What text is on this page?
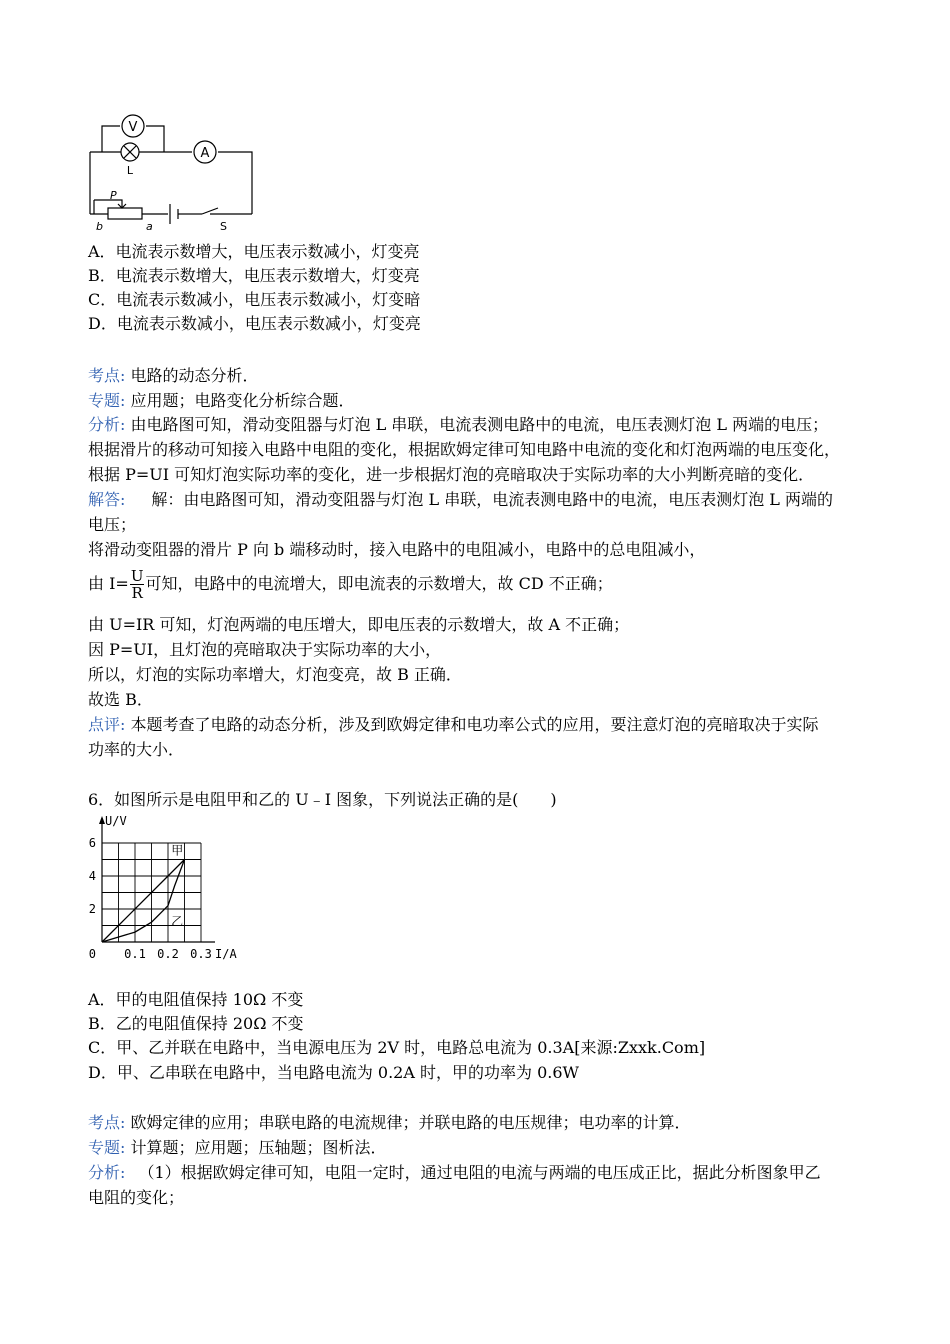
V
L
A
P
b	a	S
A．电流表示数增大，电压表示数减小，灯变亮
B．电流表示数增大，电压表示数增大，灯变亮
C．电流表示数减小，电压表示数减小，灯变暗
D．电流表示数减小，电压表示数减小，灯变亮
考点: 电路的动态分析．
专题: 应用题；电路变化分析综合题．
分析: 由电路图可知，滑动变阻器与灯泡 L 串联，电流表测电路中的电流，电压表测灯泡 L 两端的电压；
根据滑片的移动可知接入电路中电阻的变化，根据欧姆定律可知电路中电流的变化和灯泡两端的电压变化，
根据 P=UI 可知灯泡实际功率的变化，进一步根据灯泡的亮暗取决于实际功率的大小判断亮暗的变化．
解答: 解：由电路图可知，滑动变阻器与灯泡 L 串联，电流表测电路中的电流，电压表测灯泡 L 两端的
电压；
将滑动变阻器的滑片 P 向 b 端移动时，接入电路中的电阻减小，电路中的总电阻减小，
由 $I= \frac{U}{R}$ 可知，电路中的电流增大，即电流表的示数增大，故 CD 不正确；
由 U=IR 可知，灯泡两端的电压增大，即电压表的示数增大，故 A 不正确；
因 P=UI，且灯泡的亮暗取决于实际功率的大小，
所以，灯泡的实际功率增大，灯泡变亮，故 B 正确．
故选 B．
点评: 本题考查了电路的动态分析，涉及到欧姆定律和电功率公式的应用，要注意灯泡的亮暗取决于实际
功率的大小．
6．如图所示是电阻甲和乙的 U﹣I 图象，下列说法正确的是(　　)
U/V
I/A
0
6
4
2
0.1 0.2 0.3
甲
乙
A．甲的电阻值保持 10Ω 不变
B．乙的电阻值保持 20Ω 不变
C．甲、乙并联在电路中，当电源电压为 2V 时，电路总电流为 0.3A[来源:Zxxk.Com]
D．甲、乙串联在电路中，当电路电流为 0.2A 时，甲的功率为 0.6W
考点: 欧姆定律的应用；串联电路的电流规律；并联电路的电压规律；电功率的计算．
专题: 计算题；应用题；压轴题；图析法．
分析: （1）根据欧姆定律可知，电阻一定时，通过电阻的电流与两端的电压成正比，据此分析图象甲乙
电阻的变化；
